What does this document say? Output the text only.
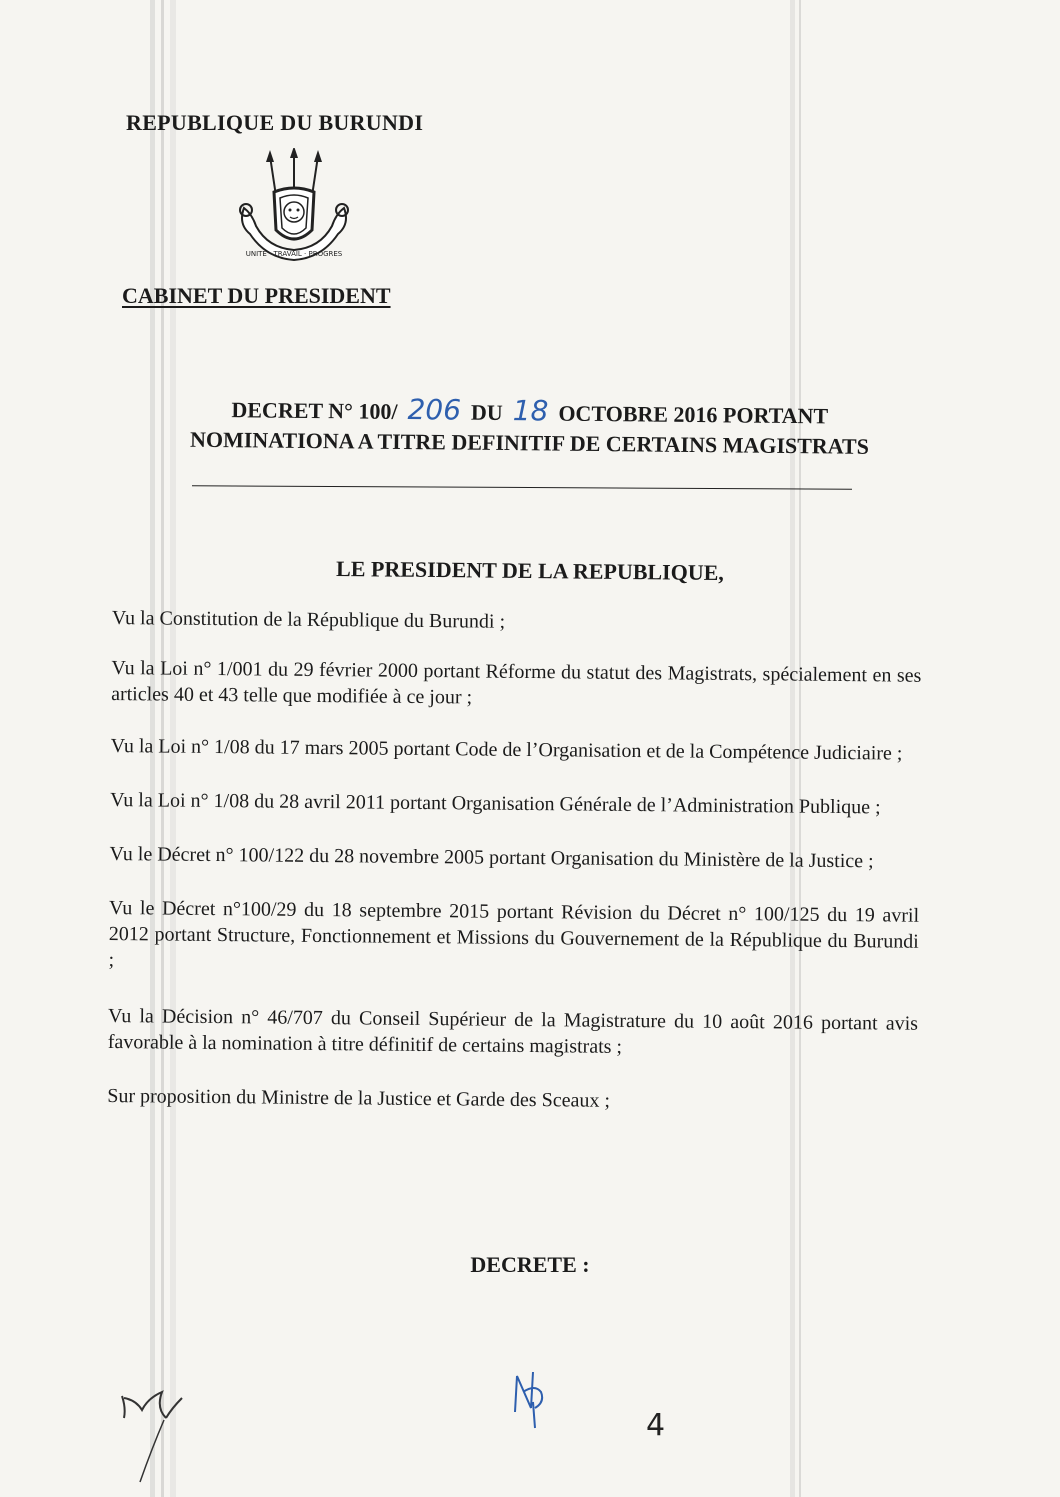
REPUBLIQUE DU BURUNDI
UNITE · TRAVAIL · PROGRES
CABINET DU PRESIDENT
DECRET N° 100/ 206 DU 18 OCTOBRE 2016 PORTANT
NOMINATIONA A TITRE DEFINITIF DE CERTAINS MAGISTRATS
LE PRESIDENT DE LA REPUBLIQUE,

Vu la Constitution de la République du Burundi ;

Vu la Loi n° 1/001 du 29 février 2000 portant Réforme du statut des Magistrats, spécialement en ses articles 40 et 43 telle que modifiée à ce jour ;

Vu la Loi n° 1/08 du 17 mars 2005 portant Code de l’Organisation et de la Compétence Judiciaire ;

Vu la Loi n° 1/08 du 28 avril 2011 portant Organisation Générale de l’Administration Publique ;

Vu le Décret n° 100/122 du 28 novembre 2005 portant Organisation du Ministère de la Justice ;

Vu le Décret n°100/29 du 18 septembre 2015 portant Révision du Décret n° 100/125 du 19 avril 2012 portant Structure, Fonctionnement et Missions du Gouvernement de la République du Burundi ;

Vu la Décision n° 46/707 du Conseil Supérieur de la Magistrature du 10 août 2016 portant avis favorable à la nomination à titre définitif de certains magistrats ;

Sur proposition du Ministre de la Justice et Garde des Sceaux ;

DECRETE :
4
